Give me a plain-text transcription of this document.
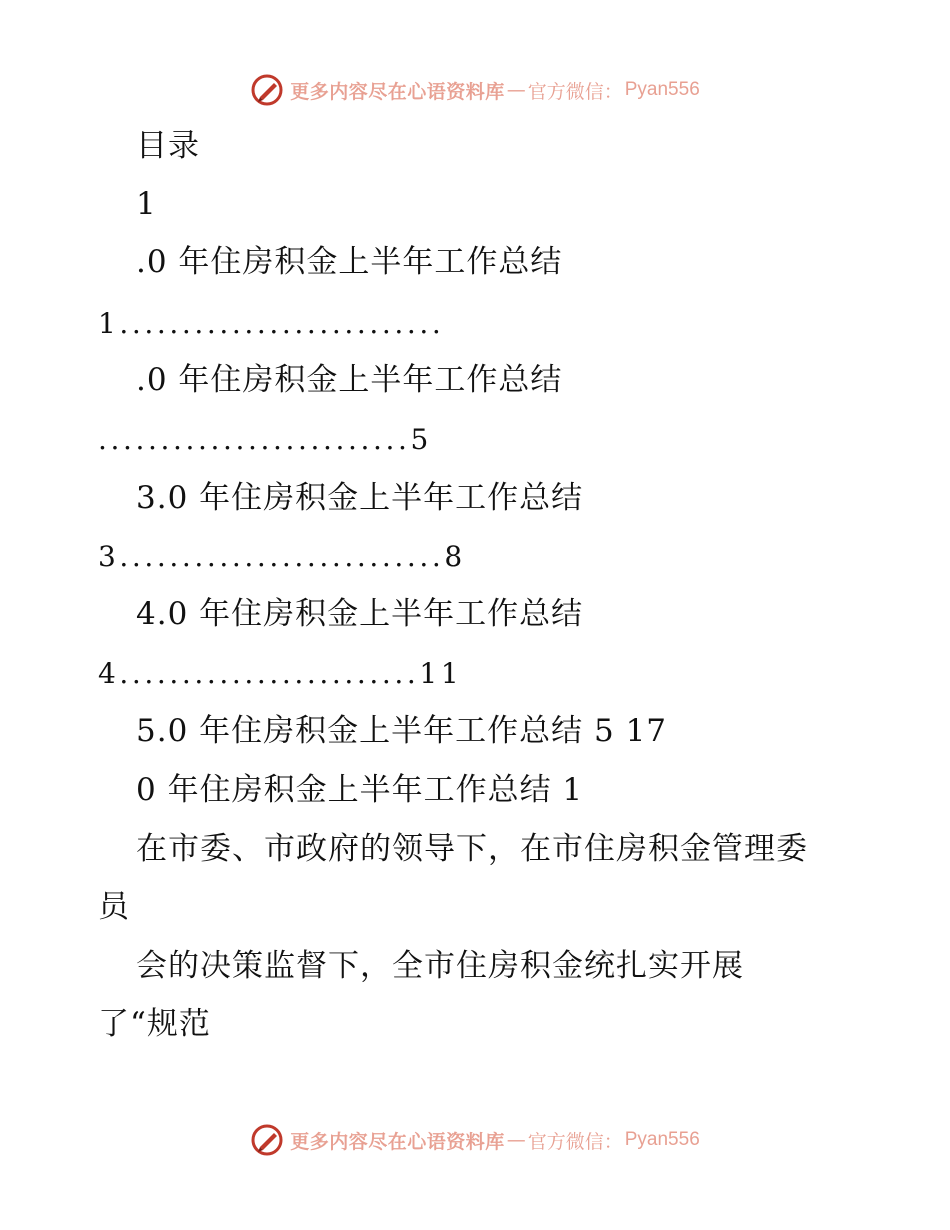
更多内容尽在心语资料库 — 官方微信： Pyan556
目录
1
.0 年住房积金上半年工作总结
1..........................
.0 年住房积金上半年工作总结
.........................5
3.0 年住房积金上半年工作总结
3..........................8
4.0 年住房积金上半年工作总结
4........................11
5.0 年住房积金上半年工作总结 5 17
0 年住房积金上半年工作总结 1
在市委、市政府的领导下，在市住房积金管理委
员
会的决策监督下，全市住房积金统扎实开展
了“规范
更多内容尽在心语资料库 — 官方微信： Pyan556
